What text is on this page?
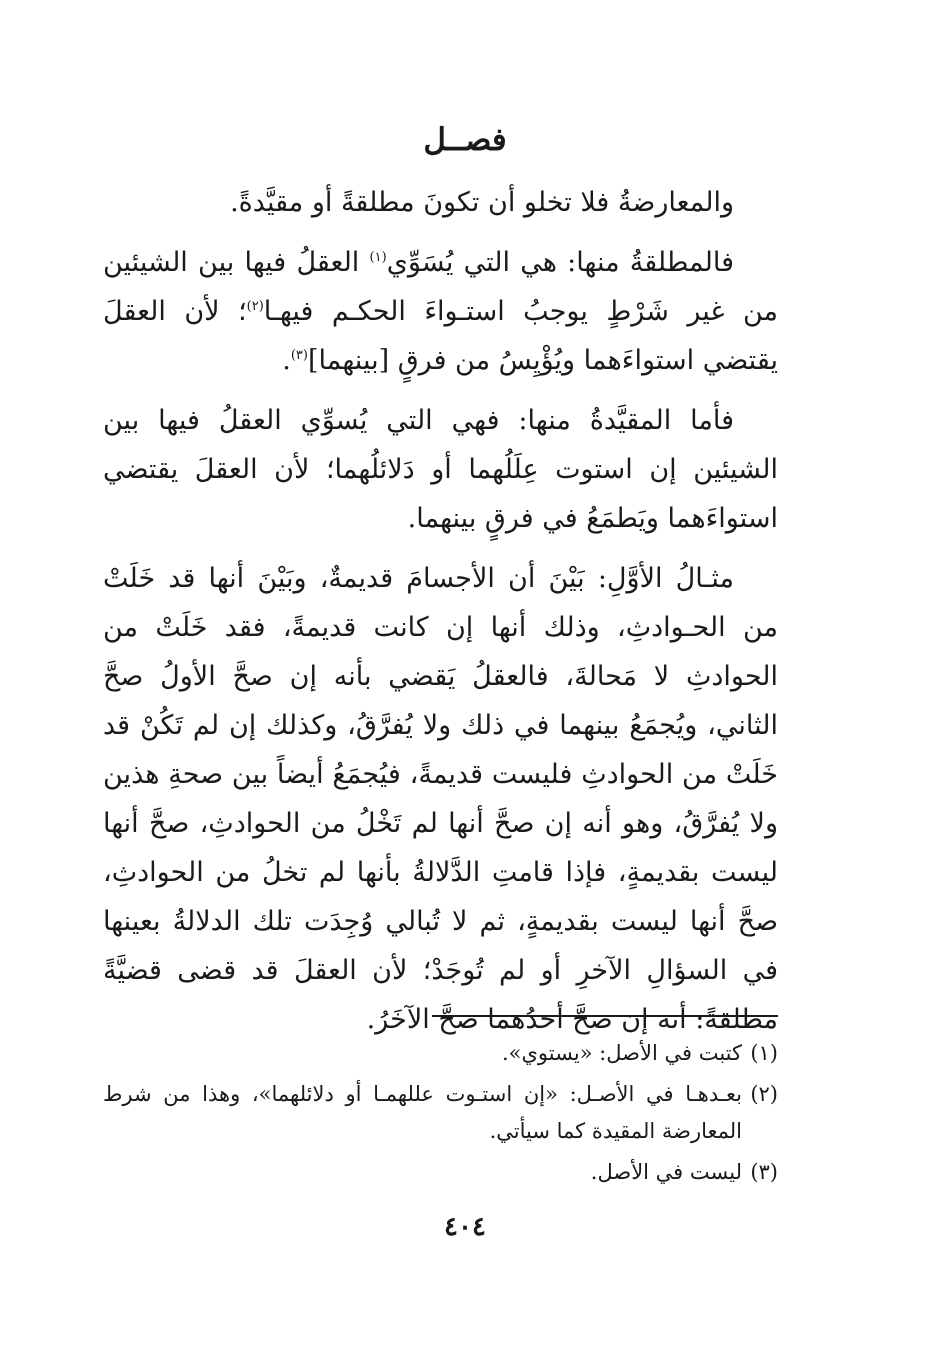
فصــل

والمعارضةُ فلا تخلو أن تكونَ مطلقةً أو مقيَّدةً.

فالمطلقةُ منها: هي التي يُسَوِّي$^{(١)}$ العقلُ فيها بين الشيئين من غير شَرْطٍ يوجبُ استـواءَ الحكـم فيهـا$^{(٢)}$؛ لأن العقلَ يقتضي استواءَهما ويُؤْيِسُ من فرقٍ [بينهما]$^{(٣)}$.

فأما المقيَّدةُ منها: فهي التي يُسوِّي العقلُ فيها بين الشيئين إن استوت عِلَلُهما أو دَلائلُهما؛ لأن العقلَ يقتضي استواءَهما ويَطمَعُ في فرقٍ بينهما.

مثـالُ الأوَّلِ: بَيْنَ أن الأجسامَ قديمةٌ، وبَيْنَ أنها قد خَلَتْ من الحـوادثِ، وذلك أنها إن كانت قديمةً، فقد خَلَتْ من الحوادثِ لا مَحالةَ، فالعقلُ يَقضي بأنه إن صحَّ الأولُ صحَّ الثاني، ويُجمَعُ بينهما في ذلك ولا يُفرَّقُ، وكذلك إن لم تَكُنْ قد خَلَتْ من الحوادثِ فليست قديمةً، فيُجمَعُ أيضاً بين صحةِ هذين ولا يُفرَّقُ، وهو أنه إن صحَّ أنها لم تَخْلُ من الحوادثِ، صحَّ أنها ليست بقديمةٍ، فإذا قامتِ الدَّلالةُ بأنها لم تخلُ من الحوادثِ، صحَّ أنها ليست بقديمةٍ، ثم لا تُبالي وُجِدَت تلك الدلالةُ بعينها في السؤالِ الآخرِ أو لم تُوجَدْ؛ لأن العقلَ قد قضى قضيَّةً مطلقةً: أنه إن صحَّ أحدُهما صحَّ الآخَرُ.

(١)
كتبت في الأصل: «يستوي».
(٢)
بعـدهـا في الأصـل: «إن استـوت عللهمـا أو دلائلهما»، وهذا من شرط المعارضة المقيدة كما سيأتي.
(٣)
ليست في الأصل.
٤٠٤
